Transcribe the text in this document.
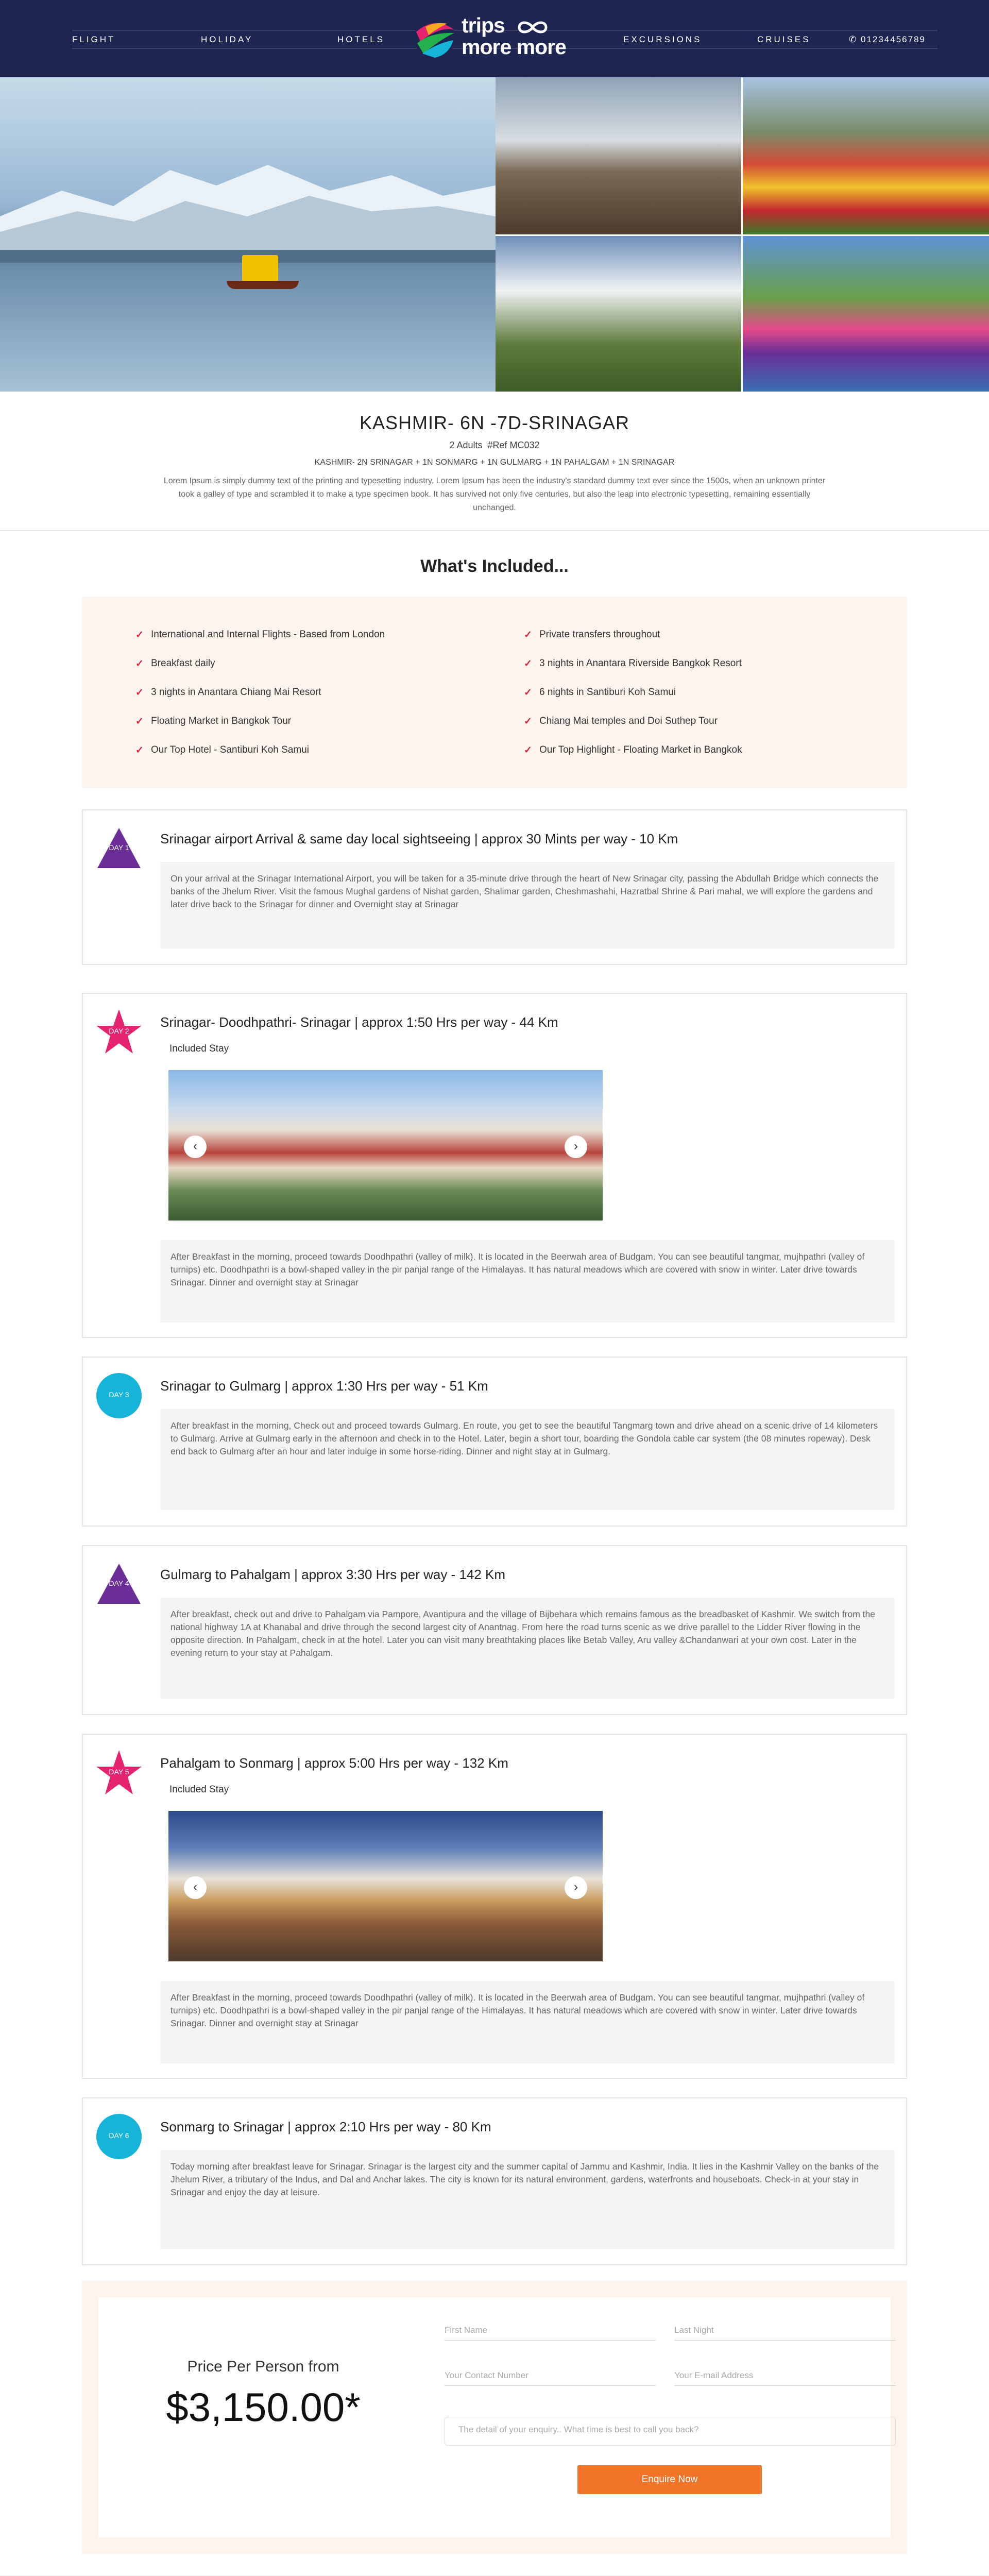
FLIGHT	HOLIDAY	HOTELS	EXCURSIONS	CRUISES	✆ 01234456789
trips
more more
KASHMIR- 6N -7D-SRINAGAR
2 Adults #Ref MC032
KASHMIR- 2N SRINAGAR + 1N SONMARG + 1N GULMARG + 1N PAHALGAM + 1N SRINAGAR
Lorem Ipsum is simply dummy text of the printing and typesetting industry. Lorem Ipsum has been the industry's standard dummy text ever since the 1500s, when an unknown printer took a galley of type and scrambled it to make a type specimen book. It has survived not only five centuries, but also the leap into electronic typesetting, remaining essentially unchanged.
What's Included...
✓ International and Internal Flights - Based from London
✓ Breakfast daily
✓ 3 nights in Anantara Chiang Mai Resort
✓ Floating Market in Bangkok Tour
✓ Our Top Hotel - Santiburi Koh Samui
✓ Private transfers throughout
✓ 3 nights in Anantara Riverside Bangkok Resort
✓ 6 nights in Santiburi Koh Samui
✓ Chiang Mai temples and Doi Suthep Tour
✓ Our Top Highlight - Floating Market in Bangkok
DAY 1
Srinagar airport Arrival & same day local sightseeing | approx 30 Mints per way - 10 Km
On your arrival at the Srinagar International Airport, you will be taken for a 35-minute drive through the heart of New Srinagar city, passing the Abdullah Bridge which connects the banks of the Jhelum River. Visit the famous Mughal gardens of Nishat garden, Shalimar garden, Cheshmashahi, Hazratbal Shrine & Pari mahal, we will explore the gardens and later drive back to the Srinagar for dinner and Overnight stay at Srinagar
DAY 2
Srinagar- Doodhpathri- Srinagar | approx 1:50 Hrs per way - 44 Km
Included Stay
‹	›
After Breakfast in the morning, proceed towards Doodhpathri (valley of milk). It is located in the Beerwah area of Budgam. You can see beautiful tangmar, mujhpathri (valley of turnips) etc. Doodhpathri is a bowl-shaped valley in the pir panjal range of the Himalayas. It has natural meadows which are covered with snow in winter. Later drive towards Srinagar. Dinner and overnight stay at Srinagar
DAY 3
Srinagar to Gulmarg | approx 1:30 Hrs per way - 51 Km
After breakfast in the morning, Check out and proceed towards Gulmarg. En route, you get to see the beautiful Tangmarg town and drive ahead on a scenic drive of 14 kilometers to Gulmarg. Arrive at Gulmarg early in the afternoon and check in to the Hotel. Later, begin a short tour, boarding the Gondola cable car system (the 08 minutes ropeway). Desk end back to Gulmarg after an hour and later indulge in some horse-riding. Dinner and night stay at in Gulmarg.
DAY 4
Gulmarg to Pahalgam | approx 3:30 Hrs per way - 142 Km
After breakfast, check out and drive to Pahalgam via Pampore, Avantipura and the village of Bijbehara which remains famous as the breadbasket of Kashmir. We switch from the national highway 1A at Khanabal and drive through the second largest city of Anantnag. From here the road turns scenic as we drive parallel to the Lidder River flowing in the opposite direction. In Pahalgam, check in at the hotel. Later you can visit many breathtaking places like Betab Valley, Aru valley &Chandanwari at your own cost. Later in the evening return to your stay at Pahalgam.
DAY 5
Pahalgam to Sonmarg | approx 5:00 Hrs per way - 132 Km
Included Stay
‹	›
After Breakfast in the morning, proceed towards Doodhpathri (valley of milk). It is located in the Beerwah area of Budgam. You can see beautiful tangmar, mujhpathri (valley of turnips) etc. Doodhpathri is a bowl-shaped valley in the pir panjal range of the Himalayas. It has natural meadows which are covered with snow in winter. Later drive towards Srinagar. Dinner and overnight stay at Srinagar
DAY 6
Sonmarg to Srinagar | approx 2:10 Hrs per way - 80 Km
Today morning after breakfast leave for Srinagar. Srinagar is the largest city and the summer capital of Jammu and Kashmir, India. It lies in the Kashmir Valley on the banks of the Jhelum River, a tributary of the Indus, and Dal and Anchar lakes. The city is known for its natural environment, gardens, waterfronts and houseboats. Check-in at your stay in Srinagar and enjoy the day at leisure.
Price Per Person from
$3,150.00*
First Name	Last Night
Your Contact Number	Your E-mail Address
The detail of your enquiry.. What time is best to call you back?
Enquire Now
